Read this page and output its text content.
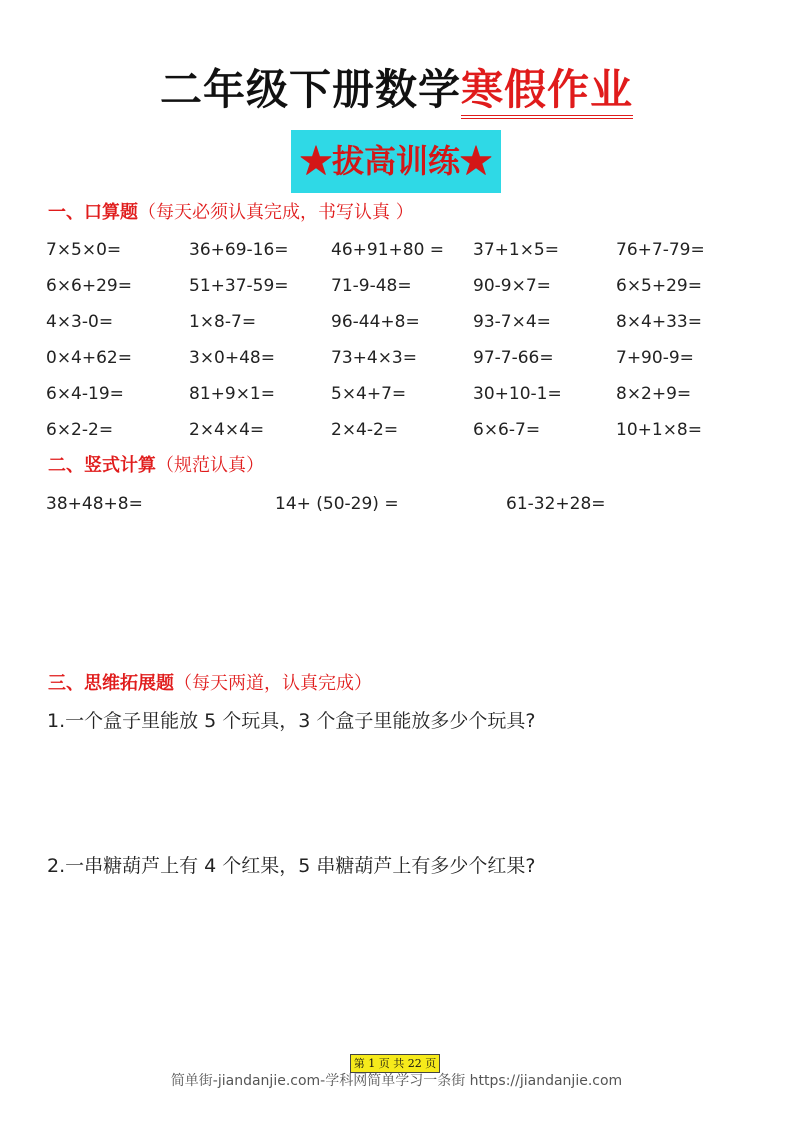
二年级下册数学寒假作业
★拔高训练★
一、口算题（每天必须认真完成，书写认真 ）
7×5×0=	36+69-16=	46+91+80 =	37+1×5=	76+7-79=
6×6+29=	51+37-59=	71-9-48=	90-9×7=	6×5+29=
4×3-0=	1×8-7=	96-44+8=	93-7×4=	8×4+33=
0×4+62=	3×0+48=	73+4×3=	97-7-66=	7+90-9=
6×4-19=	81+9×1=	5×4+7=	30+10-1=	8×2+9=
6×2-2=	2×4×4=	2×4-2=	6×6-7=	10+1×8=
二、竖式计算（规范认真）
38+48+8=	14+ (50-29) =	61-32+28=
三、思维拓展题（每天两道，认真完成）
1.一个盒子里能放 5 个玩具，3 个盒子里能放多少个玩具?
2.一串糖葫芦上有 4 个红果，5 串糖葫芦上有多少个红果?
第 1 页 共 22 页
简单街-jiandanjie.com-学科网简单学习一条街 https://jiandanjie.com
